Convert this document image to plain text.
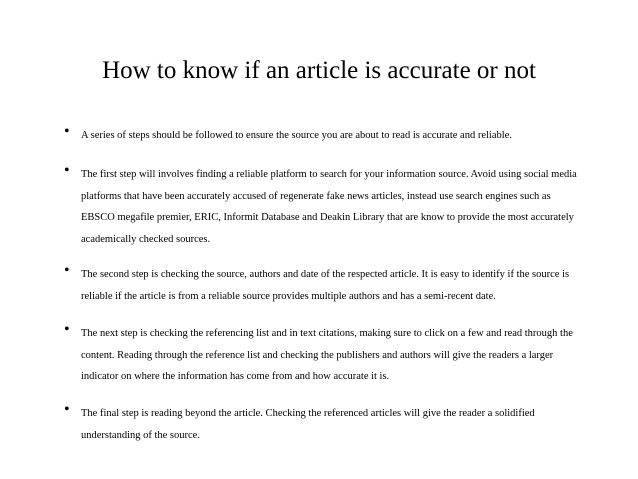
How to know if an article is accurate or not
• A series of steps should be followed to ensure the source you are about to read is accurate and reliable.
• The first step will involves finding a reliable platform to search for your information source. Avoid using social media platforms that have been accurately accused of regenerate fake news articles, instead use search engines such as EBSCO megafile premier, ERIC, Informit Database and Deakin Library that are know to provide the most accurately academically checked sources.
• The second step is checking the source, authors and date of the respected article. It is easy to identify if the source is reliable if the article is from a reliable source provides multiple authors and has a semi-recent date.
• The next step is checking the referencing list and in text citations, making sure to click on a few and read through the content. Reading through the reference list and checking the publishers and authors will give the readers a larger indicator on where the information has come from and how accurate it is.
• The final step is reading beyond the article. Checking the referenced articles will give the reader a solidified understanding of the source.
